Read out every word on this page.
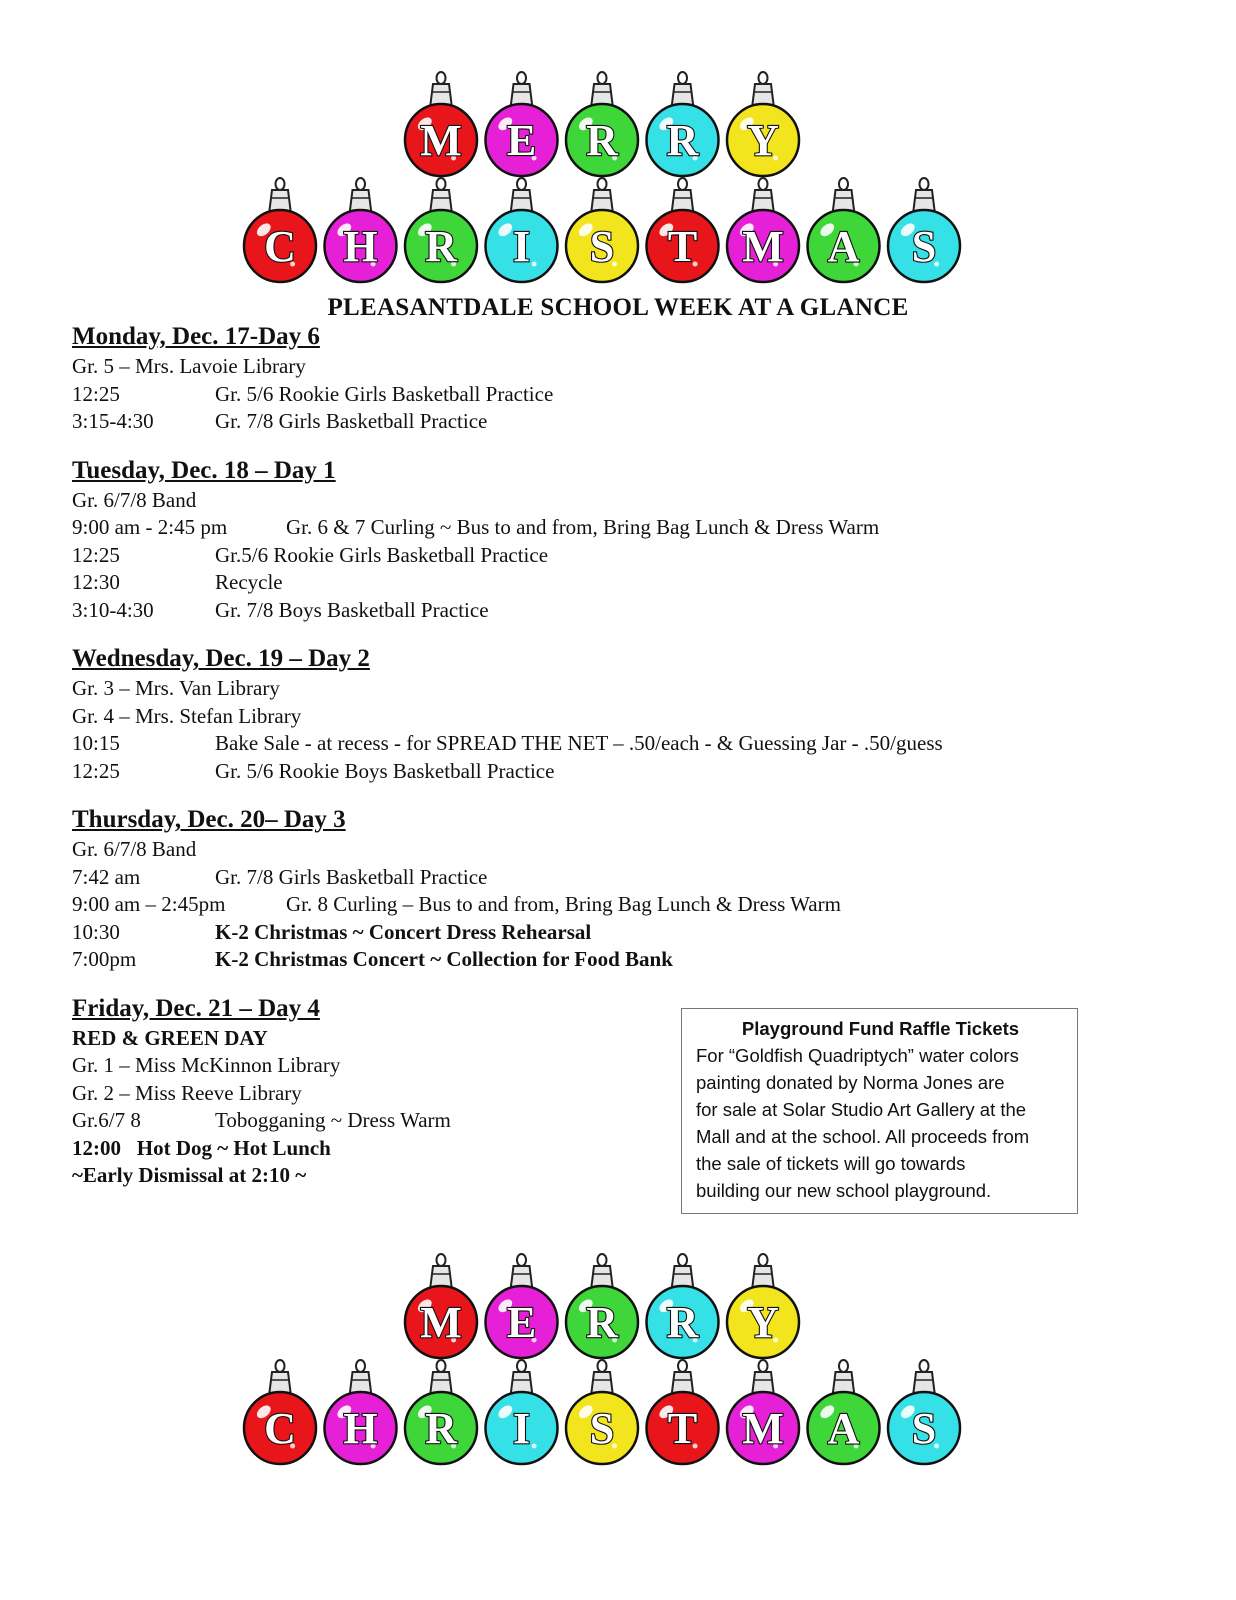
M E R R Y
C H R I S T M A S
PLEASANTDALE SCHOOL WEEK AT A GLANCE
Monday, Dec. 17-Day 6
Gr. 5 – Mrs. Lavoie Library
12:25	Gr. 5/6 Rookie Girls Basketball Practice
3:15-4:30	Gr. 7/8 Girls Basketball Practice
Tuesday, Dec. 18 – Day 1
Gr. 6/7/8 Band
9:00 am - 2:45 pm	Gr. 6 & 7 Curling ~ Bus to and from, Bring Bag Lunch & Dress Warm
12:25	Gr.5/6 Rookie Girls Basketball Practice
12:30	Recycle
3:10-4:30	Gr. 7/8 Boys Basketball Practice
Wednesday, Dec. 19 – Day 2
Gr. 3 – Mrs. Van Library
Gr. 4 – Mrs. Stefan Library
10:15	Bake Sale - at recess - for SPREAD THE NET – .50/each - & Guessing Jar - .50/guess
12:25	Gr. 5/6 Rookie Boys Basketball Practice
Thursday, Dec. 20– Day 3
Gr. 6/7/8 Band
7:42 am	Gr. 7/8 Girls Basketball Practice
9:00 am – 2:45pm	Gr. 8 Curling – Bus to and from, Bring Bag Lunch & Dress Warm
10:30	K-2 Christmas ~ Concert Dress Rehearsal
7:00pm	K-2 Christmas Concert ~ Collection for Food Bank
Friday, Dec. 21 – Day 4
RED & GREEN DAY
Gr. 1 – Miss McKinnon Library
Gr. 2 – Miss Reeve Library
Gr.6/7 8	Tobogganing ~ Dress Warm
12:00   Hot Dog ~ Hot Lunch
~Early Dismissal at 2:10 ~
Playground Fund Raffle Tickets
For “Goldfish Quadriptych” water colors
painting donated by Norma Jones are
for sale at Solar Studio Art Gallery at the
Mall and at the school. All proceeds from
the sale of tickets will go towards
building our new school playground.
M E R R Y
C H R I S T M A S
